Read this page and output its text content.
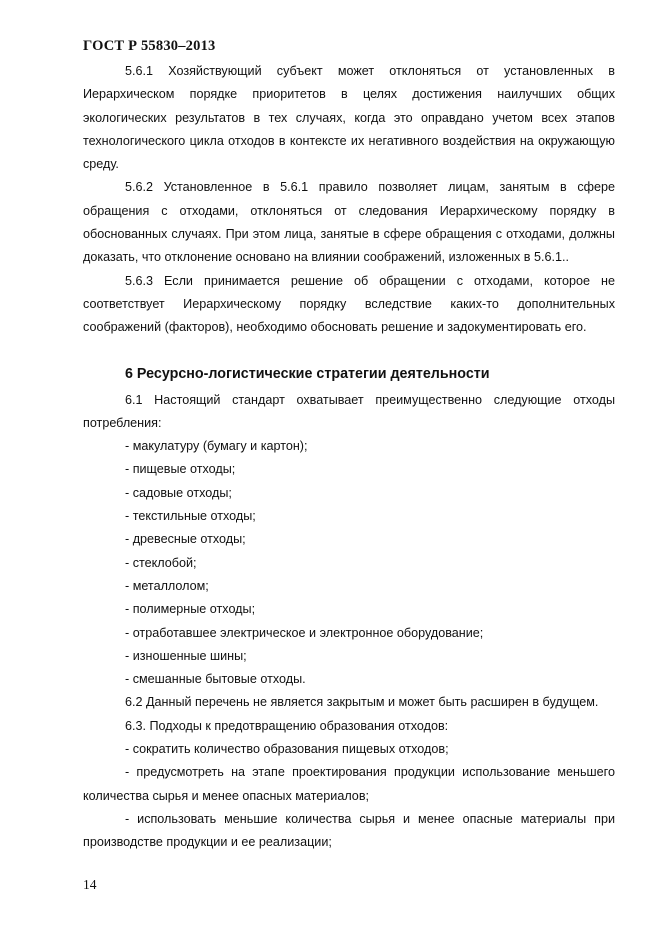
ГОСТ Р 55830–2013

5.6.1 Хозяйствующий субъект может отклоняться от установленных в Иерархическом порядке приоритетов в целях достижения наилучших общих экологических результатов в тех случаях, когда это оправдано учетом всех этапов технологического цикла отходов в контексте их негативного воздействия на окружающую среду.

5.6.2 Установленное в 5.6.1 правило позволяет лицам, занятым в сфере обращения с отходами, отклоняться от следования Иерархическому порядку в обоснованных случаях. При этом лица, занятые в сфере обращения с отходами, должны доказать, что отклонение основано на влиянии соображений, изложенных в 5.6.1..

5.6.3 Если принимается решение об обращении с отходами, которое не соответствует Иерархическому порядку вследствие каких-то дополнительных соображений (факторов), необходимо обосновать решение и задокументировать его.

6 Ресурсно-логистические стратегии деятельности

6.1 Настоящий стандарт охватывает преимущественно следующие отходы потребления:

- макулатуру (бумагу и картон);
- пищевые отходы;
- садовые отходы;
- текстильные отходы;
- древесные отходы;
- стеклобой;
- металлолом;
- полимерные отходы;
- отработавшее электрическое и электронное оборудование;
- изношенные шины;
- смешанные бытовые отходы.

6.2 Данный перечень не является закрытым и может быть расширен в будущем.

6.3. Подходы к предотвращению образования отходов:

- сократить количество образования пищевых отходов;
- предусмотреть на этапе проектирования продукции использование меньшего количества сырья и менее опасных материалов;
- использовать меньшие количества сырья и менее опасные материалы при производстве продукции и ее реализации;
14
